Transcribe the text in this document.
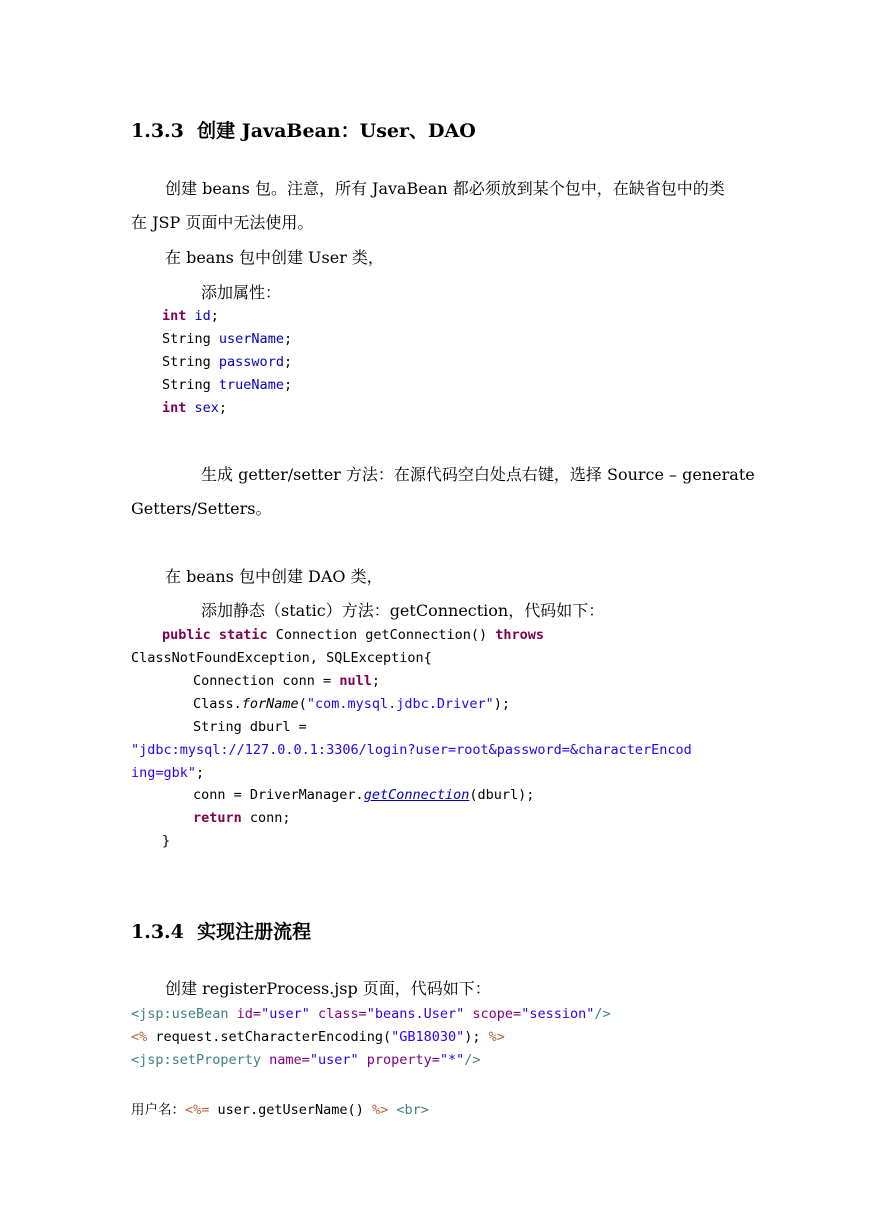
1.3.3  创建 JavaBean：User、DAO
创建 beans 包。注意，所有 JavaBean 都必须放到某个包中，在缺省包中的类
在 JSP 页面中无法使用。
在 beans 包中创建 User 类，
添加属性：
int id;
String userName;
String password;
String trueName;
int sex;
生成 getter/setter 方法：在源代码空白处点右键，选择 Source – generate
Getters/Setters。
在 beans 包中创建 DAO 类，
添加静态（static）方法：getConnection，代码如下：
public static Connection getConnection() throws
ClassNotFoundException, SQLException{
Connection conn = null;
Class.forName("com.mysql.jdbc.Driver");
String dburl =
"jdbc:mysql://127.0.0.1:3306/login?user=root&password=&characterEncod
ing=gbk";
conn = DriverManager.getConnection(dburl);
return conn;
}
1.3.4  实现注册流程
创建 registerProcess.jsp 页面，代码如下：
<jsp:useBean id="user" class="beans.User" scope="session"/>
<% request.setCharacterEncoding("GB18030"); %>
<jsp:setProperty name="user" property="*"/>
用户名：<%= user.getUserName() %> <br>
